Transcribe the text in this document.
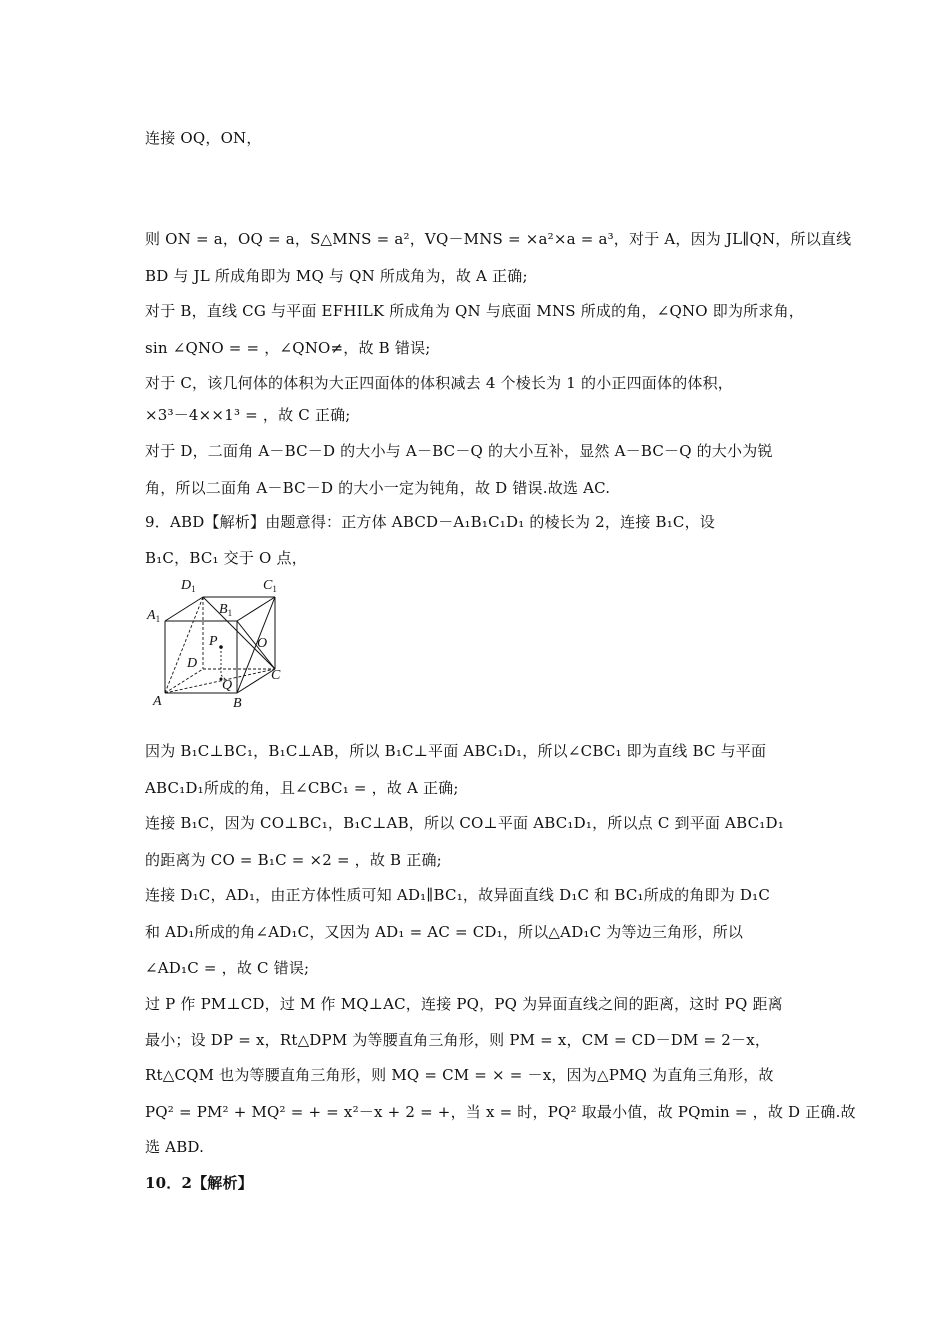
连接 OQ，ON，
则 ON = a，OQ = a，S△MNS = a²，VQ－MNS = ×a²×a = a³，对于 A，因为 JL∥QN，所以直线
BD 与 JL 所成角即为 MQ 与 QN 所成角为，故 A 正确;
对于 B，直线 CG 与平面 EFHILK 所成角为 QN 与底面 MNS 所成的角，∠QNO 即为所求角，
sin ∠QNO = = ，∠QNO≠，故 B 错误;
对于 C，该几何体的体积为大正四面体的体积减去 4 个棱长为 1 的小正四面体的体积，
×3³－4××1³ = ，故 C 正确;
对于 D，二面角 A－BC－D 的大小与 A－BC－Q 的大小互补，显然 A－BC－Q 的大小为锐
角，所以二面角 A－BC－D 的大小一定为钝角，故 D 错误.故选 AC.
9．ABD【解析】由题意得：正方体 ABCD－A₁B₁C₁D₁ 的棱长为 2，连接 B₁C，设
B₁C，BC₁ 交于 O 点，
$D_1$	$C_1$
$A_1$
$B_1$
P	O
D
C
Q
A	B
因为 B₁C⊥BC₁，B₁C⊥AB，所以 B₁C⊥平面 ABC₁D₁，所以∠CBC₁ 即为直线 BC 与平面
ABC₁D₁所成的角，且∠CBC₁ = ，故 A 正确;
连接 B₁C，因为 CO⊥BC₁，B₁C⊥AB，所以 CO⊥平面 ABC₁D₁，所以点 C 到平面 ABC₁D₁
的距离为 CO = B₁C = ×2 = ，故 B 正确;
连接 D₁C，AD₁，由正方体性质可知 AD₁∥BC₁，故异面直线 D₁C 和 BC₁所成的角即为 D₁C
和 AD₁所成的角∠AD₁C，又因为 AD₁ = AC = CD₁，所以△AD₁C 为等边三角形，所以
∠AD₁C = ，故 C 错误;
过 P 作 PM⊥CD，过 M 作 MQ⊥AC，连接 PQ，PQ 为异面直线之间的距离，这时 PQ 距离
最小；设 DP = x，Rt△DPM 为等腰直角三角形，则 PM = x，CM = CD－DM = 2－x，
Rt△CQM 也为等腰直角三角形，则 MQ = CM = × = －x，因为△PMQ 为直角三角形，故
PQ² = PM² + MQ² = + = x²－x + 2 = +，当 x = 时，PQ² 取最小值，故 PQmin = ，故 D 正确.故
选 ABD.
10．2【解析】
